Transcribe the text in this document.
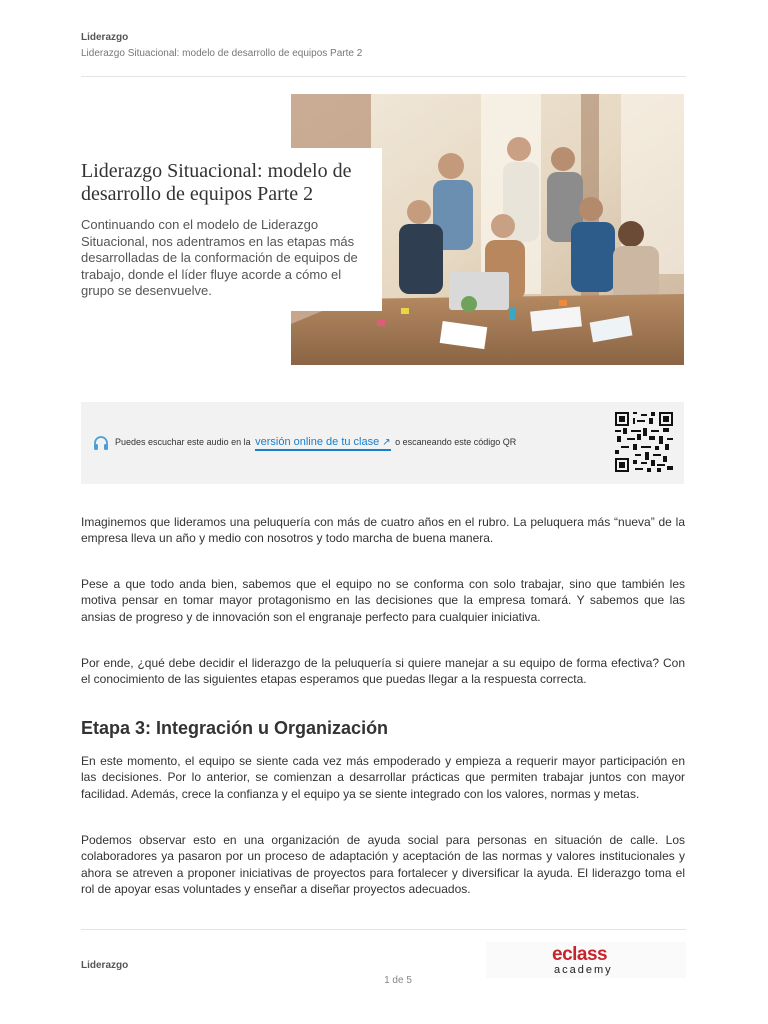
Liderazgo

Liderazgo Situacional: modelo de desarrollo de equipos Parte 2

Liderazgo Situacional: modelo de desarrollo de equipos Parte 2

Continuando con el modelo de Liderazgo Situacional, nos adentramos en las etapas más desarrolladas de la conformación de equipos de trabajo, donde el líder fluye acorde a cómo el grupo se desenvuelve.

Puedes escuchar este audio en la versión online de tu clase ↗ o escaneando este código QR

Imaginemos que lideramos una peluquería con más de cuatro años en el rubro. La peluquera más “nueva” de la empresa lleva un año y medio con nosotros y todo marcha de buena manera.

Pese a que todo anda bien, sabemos que el equipo no se conforma con solo trabajar, sino que también les motiva pensar en tomar mayor protagonismo en las decisiones que la empresa tomará. Y sabemos que las ansias de progreso y de innovación son el engranaje perfecto para cualquier iniciativa.

Por ende, ¿qué debe decidir el liderazgo de la peluquería si quiere manejar a su equipo de forma efectiva? Con el conocimiento de las siguientes etapas esperamos que puedas llegar a la respuesta correcta.

Etapa 3: Integración u Organización

En este momento, el equipo se siente cada vez más empoderado y empieza a requerir mayor participación en las decisiones. Por lo anterior, se comienzan a desarrollar prácticas que permiten trabajar juntos con mayor facilidad. Además, crece la confianza y el equipo ya se siente integrado con los valores, normas y metas.

Podemos observar esto en una organización de ayuda social para personas en situación de calle. Los colaboradores ya pasaron por un proceso de adaptación y aceptación de las normas y valores institucionales y ahora se atreven a proponer iniciativas de proyectos para fortalecer y diversificar la ayuda. El liderazgo toma el rol de apoyar esas voluntades y enseñar a diseñar proyectos adecuados.

Liderazgo
eclass
academy
1 de 5
